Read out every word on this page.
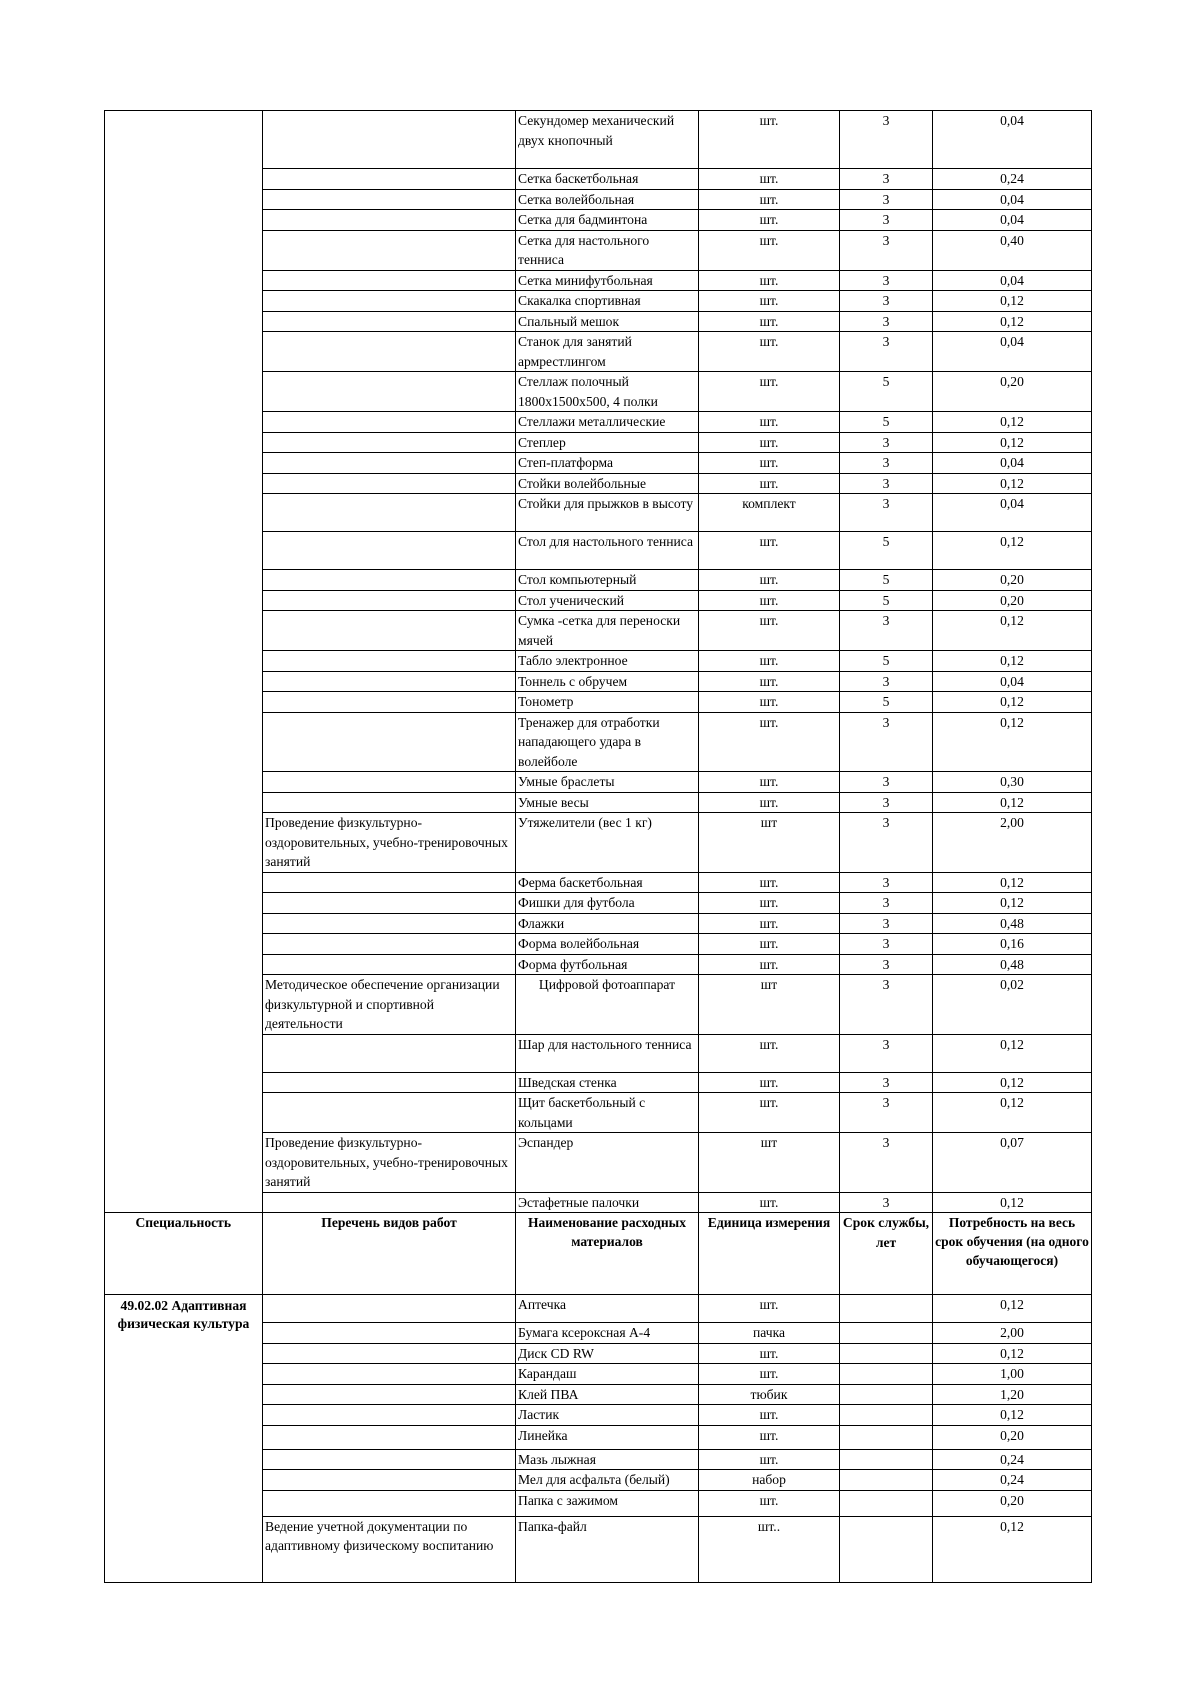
		Секундомер механический двух кнопочный	шт.	3	0,04
		Сетка баскетбольная	шт.	3	0,24
		Сетка волейбольная	шт.	3	0,04
		Сетка для бадминтона	шт.	3	0,04
		Сетка для настольного тенниса	шт.	3	0,40
		Сетка минифутбольная	шт.	3	0,04
		Скакалка спортивная	шт.	3	0,12
		Спальный мешок	шт.	3	0,12
		Станок для занятий армрестлингом	шт.	3	0,04
		Стеллаж полочный 1800х1500х500, 4 полки	шт.	5	0,20
		Стеллажи металлические	шт.	5	0,12
		Степлер	шт.	3	0,12
		Степ-платформа	шт.	3	0,04
		Стойки волейбольные	шт.	3	0,12
		Стойки для прыжков в высоту	комплект	3	0,04
		Стол для настольного тенниса	шт.	5	0,12
		Стол компьютерный	шт.	5	0,20
		Стол ученический	шт.	5	0,20
		Сумка -сетка для переноски мячей	шт.	3	0,12
		Табло электронное	шт.	5	0,12
		Тоннель с обручем	шт.	3	0,04
		Тонометр	шт.	5	0,12
		Тренажер для отработки нападающего удара в волейболе	шт.	3	0,12
		Умные браслеты	шт.	3	0,30
		Умные весы	шт.	3	0,12
	Проведение физкультурно-оздоровительных, учебно-тренировочных занятий	Утяжелители (вес 1 кг)	шт	3	2,00
		Ферма баскетбольная	шт.	3	0,12
		Фишки для футбола	шт.	3	0,12
		Флажки	шт.	3	0,48
		Форма волейбольная	шт.	3	0,16
		Форма футбольная	шт.	3	0,48
	Методическое обеспечение организации физкультурной и спортивной деятельности	Цифровой фотоаппарат	шт	3	0,02
		Шар для настольного тенниса	шт.	3	0,12
		Шведская стенка	шт.	3	0,12
		Щит баскетбольный с кольцами	шт.	3	0,12
	Проведение физкультурно-оздоровительных, учебно-тренировочных занятий	Эспандер	шт	3	0,07
		Эстафетные палочки	шт.	3	0,12
Специальность	Перечень видов работ	Наименование расходных материалов	Единица измерения	Срок службы, лет	Потребность на весь срок обучения (на одного обучающегося)
49.02.02 Адаптивная физическая культура		Аптечка	шт.		0,12
		Бумага ксероксная А-4	пачка		2,00
		Диск CD RW	шт.		0,12
		Карандаш	шт.		1,00
		Клей ПВА	тюбик		1,20
		Ластик	шт.		0,12
		Линейка	шт.		0,20
		Мазь лыжная	шт.		0,24
		Мел для асфальта (белый)	набор		0,24
		Папка с зажимом	шт.		0,20
	Ведение учетной документации по адаптивному физическому воспитанию	Папка-файл	шт..		0,12
